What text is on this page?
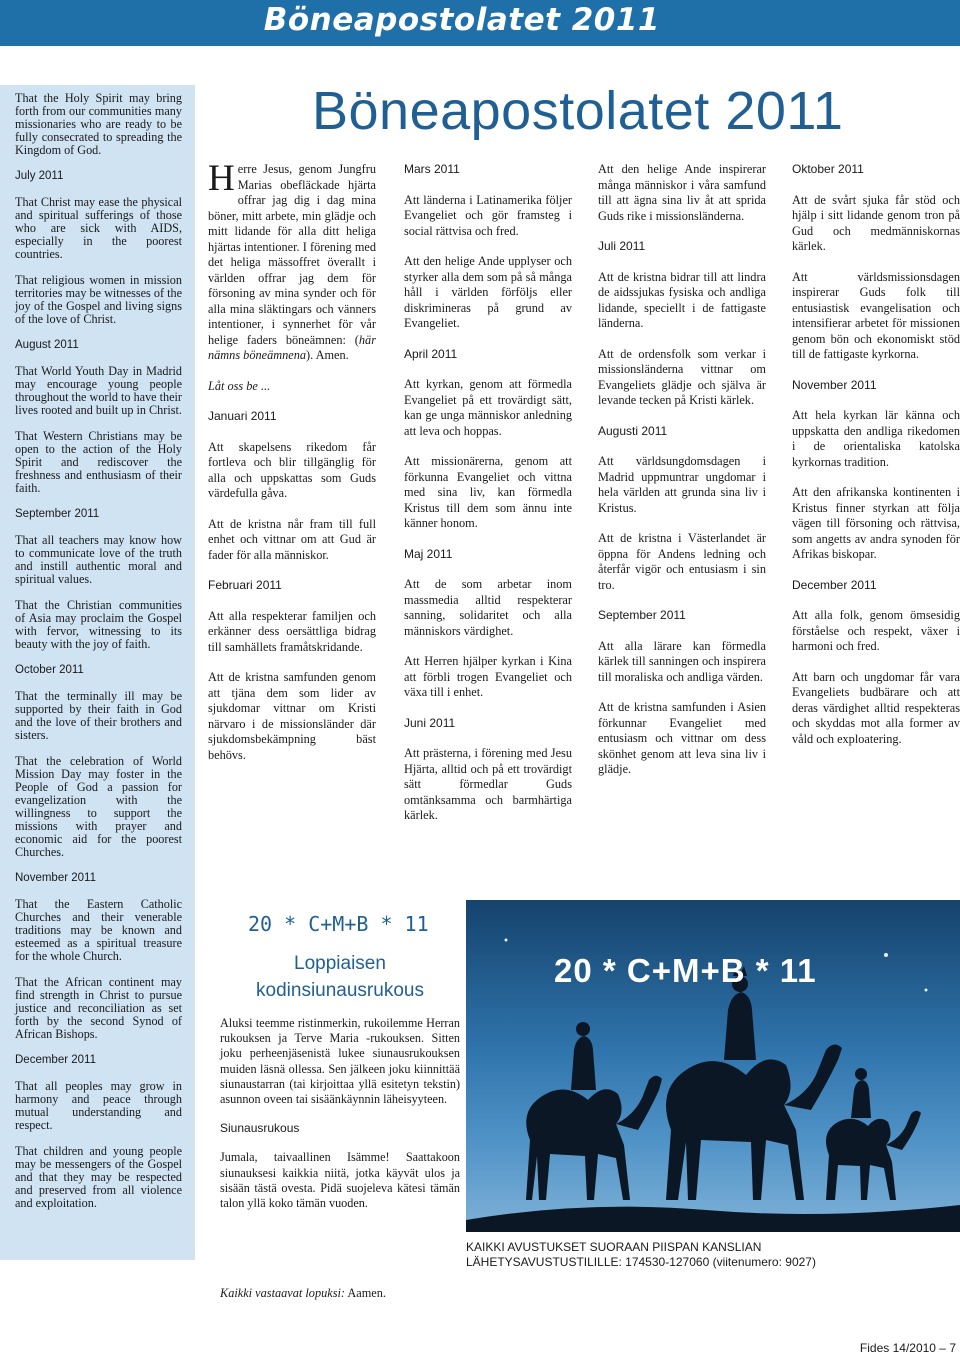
Böneapostolatet 2011
Böneapostolatet 2011

That the Holy Spirit may bring forth from our communities many missionaries who are ready to be fully consecrated to spreading the Kingdom of God.

July 2011

That Christ may ease the physical and spiritual sufferings of those who are sick with AIDS, especially in the poorest countries.

That religious women in mission territories may be witnesses of the joy of the Gospel and living signs of the love of Christ.

August 2011

That World Youth Day in Madrid may encourage young people throughout the world to have their lives rooted and built up in Christ.

That Western Christians may be open to the action of the Holy Spirit and rediscover the freshness and enthusiasm of their faith.

September 2011

That all teachers may know how to communicate love of the truth and instill authentic moral and spiritual values.

That the Christian communities of Asia may proclaim the Gospel with fervor, witnessing to its beauty with the joy of faith.

October 2011

That the terminally ill may be supported by their faith in God and the love of their brothers and sisters.

That the celebration of World Mission Day may foster in the People of God a passion for evangelization with the willingness to support the missions with prayer and economic aid for the poorest Churches.

November 2011

That the Eastern Catholic Churches and their venerable traditions may be known and esteemed as a spiritual treasure for the whole Church.

That the African continent may find strength in Christ to pursue justice and reconciliation as set forth by the second Synod of African Bishops.

December 2011

That all peoples may grow in harmony and peace through mutual understanding and respect.

That children and young people may be messengers of the Gospel and that they may be respected and preserved from all violence and exploitation.

Herre Jesus, genom Jungfru Marias obefläckade hjärta offrar jag dig i dag mina böner, mitt arbete, min glädje och mitt lidande för alla ditt heliga hjärtas intentioner. I förening med det heliga mässoffret överallt i världen offrar jag dem för försoning av mina synder och för alla mina släktingars och vänners intentioner, i synnerhet för vår helige faders böneämnen: (här nämns böneämnena). Amen.

Låt oss be ...

Januari 2011

Att skapelsens rikedom får fortleva och blir tillgänglig för alla och uppskattas som Guds värdefulla gåva.

Att de kristna når fram till full enhet och vittnar om att Gud är fader för alla människor.

Februari 2011

Att alla respekterar familjen och erkänner dess oersättliga bidrag till samhällets framåtskridande.

Att de kristna samfunden genom att tjäna dem som lider av sjukdomar vittnar om Kristi närvaro i de missionsländer där sjukdomsbekämpning bäst behövs.

Mars 2011

Att länderna i Latinamerika följer Evangeliet och gör framsteg i social rättvisa och fred.

Att den helige Ande upplyser och styrker alla dem som på så många håll i världen förföljs eller diskrimineras på grund av Evangeliet.

April 2011

Att kyrkan, genom att förmedla Evangeliet på ett trovärdigt sätt, kan ge unga människor anledning att leva och hoppas.

Att missionärerna, genom att förkunna Evangeliet och vittna med sina liv, kan förmedla Kristus till dem som ännu inte känner honom.

Maj 2011

Att de som arbetar inom massmedia alltid respekterar sanning, solidaritet och alla människors värdighet.

Att Herren hjälper kyrkan i Kina att förbli trogen Evangeliet och växa till i enhet.

Juni 2011

Att prästerna, i förening med Jesu Hjärta, alltid och på ett trovärdigt sätt förmedlar Guds omtänksamma och barmhärtiga kärlek.

Att den helige Ande inspirerar många människor i våra samfund till att ägna sina liv åt att sprida Guds rike i missionsländerna.

Juli 2011

Att de kristna bidrar till att lindra de aidssjukas fysiska och andliga lidande, speciellt i de fattigaste länderna.

Att de ordensfolk som verkar i missionsländerna vittnar om Evangeliets glädje och själva är levande tecken på Kristi kärlek.

Augusti 2011

Att världsungdomsdagen i Madrid uppmuntrar ungdomar i hela världen att grunda sina liv i Kristus.

Att de kristna i Västerlandet är öppna för Andens ledning och återfår vigör och entusiasm i sin tro.

September 2011

Att alla lärare kan förmedla kärlek till sanningen och inspirera till moraliska och andliga värden.

Att de kristna samfunden i Asien förkunnar Evangeliet med entusiasm och vittnar om dess skönhet genom att leva sina liv i glädje.

Oktober 2011

Att de svårt sjuka får stöd och hjälp i sitt lidande genom tron på Gud och medmänniskornas kärlek.

Att världsmissionsdagen inspirerar Guds folk till entusiastisk evangelisation och intensifierar arbetet för missionen genom bön och ekonomiskt stöd till de fattigaste kyrkorna.

November 2011

Att hela kyrkan lär känna och uppskatta den andliga rikedomen i de orientaliska katolska kyrkornas tradition.

Att den afrikanska kontinenten i Kristus finner styrkan att följa vägen till försoning och rättvisa, som angetts av andra synoden för Afrikas biskopar.

December 2011

Att alla folk, genom ömsesidig förståelse och respekt, växer i harmoni och fred.

Att barn och ungdomar får vara Evangeliets budbärare och att deras värdighet alltid respekteras och skyddas mot alla former av våld och exploatering.

20 * C+M+B * 11
Loppiaisen
kodinsiunausrukous

Aluksi teemme ristinmerkin, rukoilemme Herran rukouksen ja Terve Maria -rukouksen. Sitten joku perheenjäsenistä lukee siunausrukouksen muiden läsnä ollessa. Sen jälkeen joku kiinnittää siunaustarran (tai kirjoittaa yllä esitetyn tekstin) asunnon oveen tai sisäänkäynnin läheisyyteen.

Siunausrukous

Jumala, taivaallinen Isämme! Saattakoon siunauksesi kaikkia niitä, jotka käyvät ulos ja sisään tästä ovesta. Pidä suojeleva kätesi tämän talon yllä koko tämän vuoden.

Kaikki vastaavat lopuksi: Aamen.
20 * C+M+B * 11
KAIKKI AVUSTUKSET SUORAAN PIISPAN KANSLIAN
LÄHETYSAVUSTUSTILILLE: 174530-127060 (viitenumero: 9027)
Fides 14/2010 – 7
